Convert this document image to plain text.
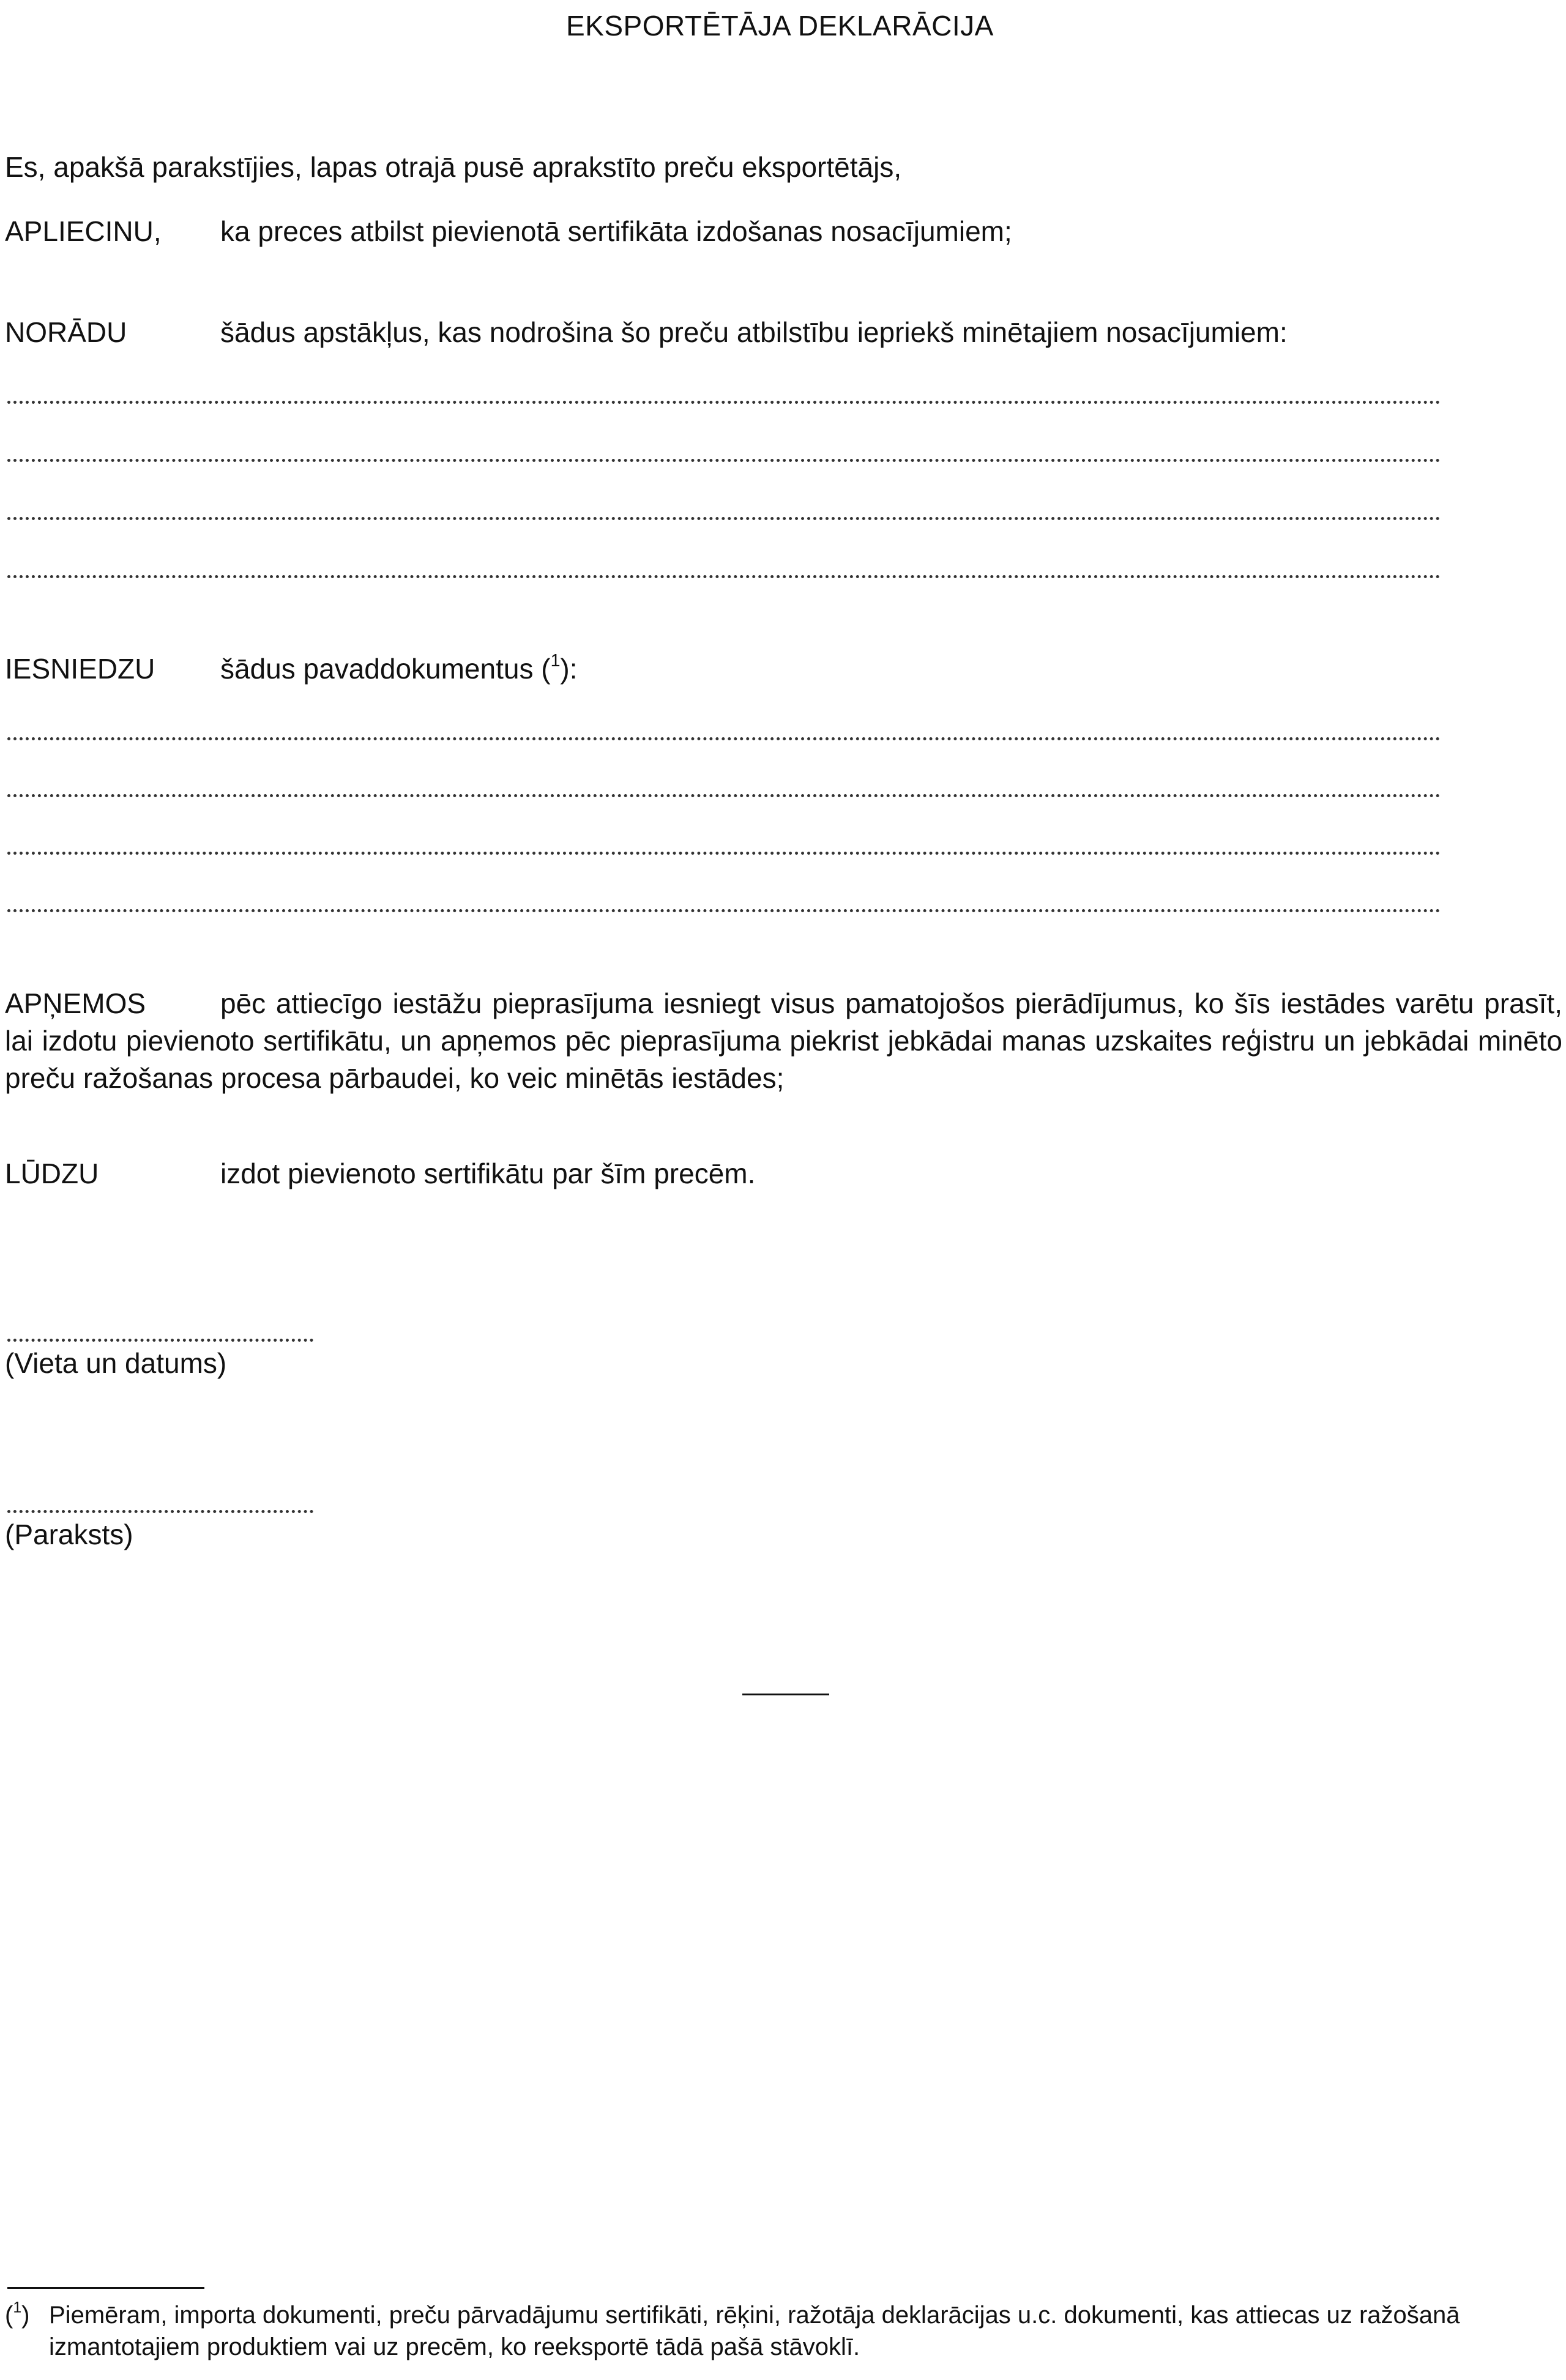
EKSPORTĒTĀJA DEKLARĀCIJA
Es, apakšā parakstījies, lapas otrajā pusē aprakstīto preču eksportētājs,
APLIECINU, ka preces atbilst pievienotā sertifikāta izdošanas nosacījumiem;
NORĀDU	šādus apstākļus, kas nodrošina šo preču atbilstību iepriekš minētajiem nosacījumiem:
IESNIEDZU šādus pavaddokumentus ($^1$):
APŅEMOS	pēc attiecīgo iestāžu pieprasījuma iesniegt visus pamatojošos pierādījumus, ko šīs iestādes varētu prasīt, lai izdotu pievienoto sertifikātu, un apņemos pēc pieprasījuma piekrist jebkādai manas uzskaites reģistru un jebkādai minēto preču ražošanas procesa pārbaudei, ko veic minētās iestādes;
LŪDZU	izdot pievienoto sertifikātu par šīm precēm.
(Vieta un datums)
(Paraksts)
($^1$) Piemēram, importa dokumenti, preču pārvadājumu sertifikāti, rēķini, ražotāja deklarācijas u.c. dokumenti, kas attiecas uz ražošanā
izmantotajiem produktiem vai uz precēm, ko reeksportē tādā pašā stāvoklī.
